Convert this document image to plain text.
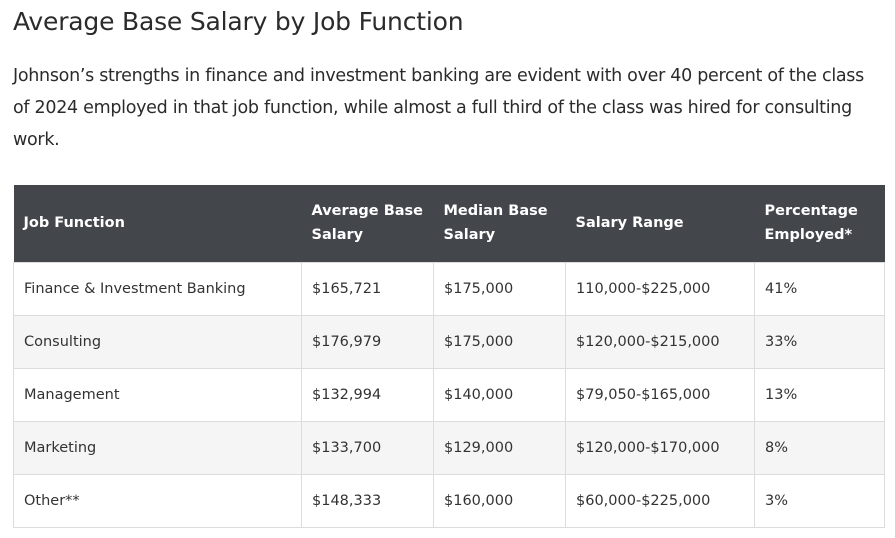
Average Base Salary by Job Function

Johnson’s strengths in finance and investment banking are evident with over 40 percent of the class of 2024 employed in that job function, while almost a full third of the class was hired for consulting work.

Job Function	Average Base Salary	Median Base Salary	Salary Range	Percentage Employed*
Finance & Investment Banking	$165,721	$175,000	110,000-$225,000	41%
Consulting	$176,979	$175,000	$120,000-$215,000	33%
Management	$132,994	$140,000	$79,050-$165,000	13%
Marketing	$133,700	$129,000	$120,000-$170,000	8%
Other**	$148,333	$160,000	$60,000-$225,000	3%
